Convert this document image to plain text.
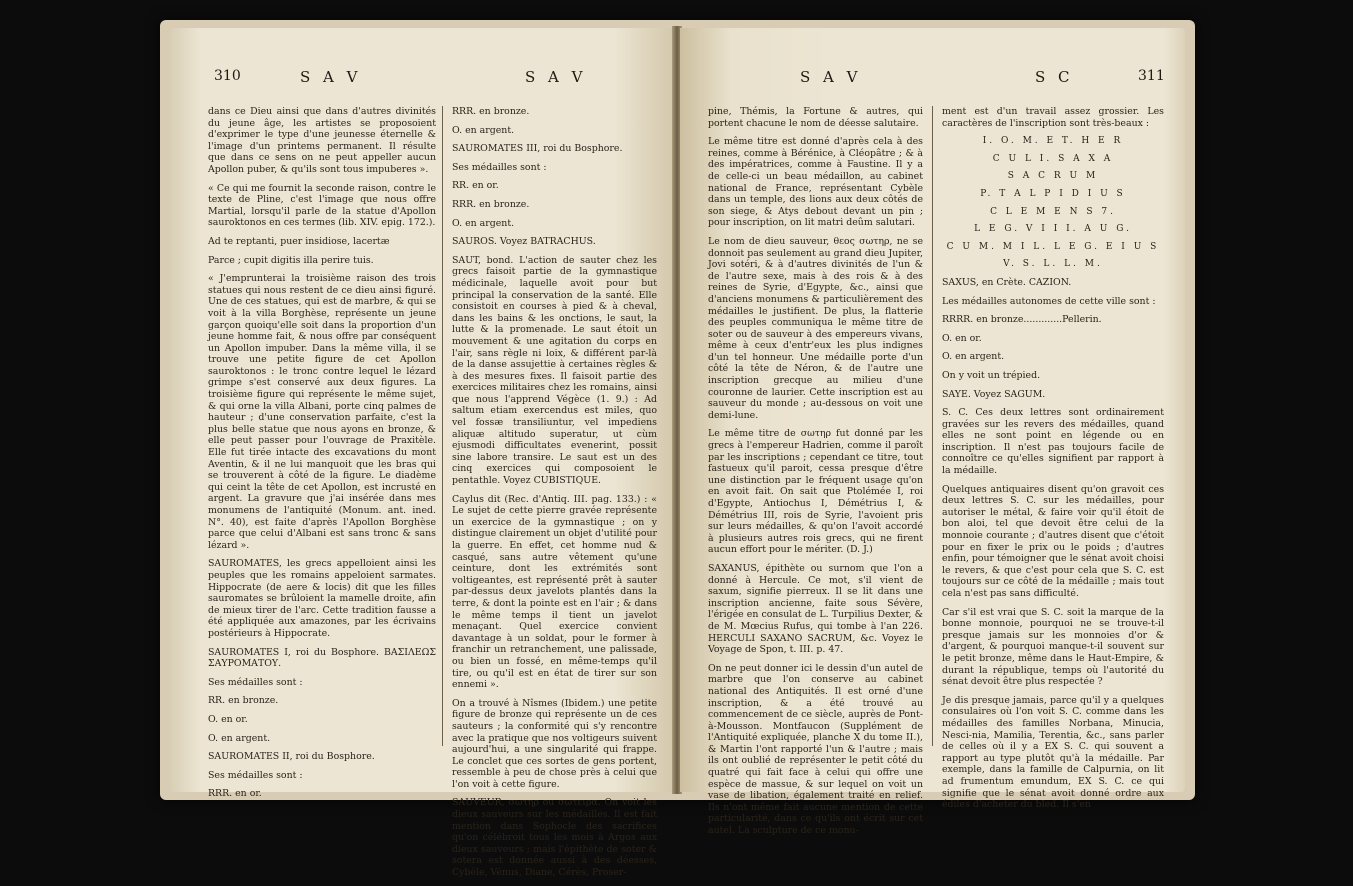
310	S A V	S A V

dans ce Dieu ainsi que dans d'autres divinités du jeune âge, les artistes se proposoient d'exprimer le type d'une jeunesse éternelle & l'image d'un printems permanent. Il résulte que dans ce sens on ne peut appeller aucun Apollon puber, & qu'ils sont tous impuberes ».

« Ce qui me fournit la seconde raison, contre le texte de Pline, c'est l'image que nous offre Martial, lorsqu'il parle de la statue d'Apollon sauroktonos en ces termes (lib. XIV. epig. 172.).

Ad te reptanti, puer insidiose, lacertæ

Parce ; cupit digitis illa perire tuis.

« J'emprunterai la troisième raison des trois statues qui nous restent de ce dieu ainsi figuré. Une de ces statues, qui est de marbre, & qui se voit à la villa Borghèse, représente un jeune garçon quoiqu'elle soit dans la proportion d'un jeune homme fait, & nous offre par conséquent un Apollon impuber. Dans la même villa, il se trouve une petite figure de cet Apollon sauroktonos : le tronc contre lequel le lézard grimpe s'est conservé aux deux figures. La troisième figure qui représente le même sujet, & qui orne la villa Albani, porte cinq palmes de hauteur ; d'une conservation parfaite, c'est la plus belle statue que nous ayons en bronze, & elle peut passer pour l'ouvrage de Praxitèle. Elle fut tirée intacte des excavations du mont Aventin, & il ne lui manquoit que les bras qui se trouverent à côté de la figure. Le diadème qui ceint la tête de cet Apollon, est incrusté en argent. La gravure que j'ai insérée dans mes monumens de l'antiquité (Monum. ant. ined. N°. 40), est faite d'après l'Apollon Borghèse parce que celui d'Albani est sans tronc & sans lézard ».

SAUROMATES, les grecs appelloient ainsi les peuples que les romains appeloient sarmates. Hippocrate (de aere & locis) dit que les filles sauromates se brûloient la mamelle droite, afin de mieux tirer de l'arc. Cette tradition fausse a été appliquée aux amazones, par les écrivains postérieurs à Hippocrate.

SAUROMATES I, roi du Bosphore. ΒΑΣΙΛΕΩΣ ΣΑΥΡΟΜΑΤΟΥ.

Ses médailles sont :

RR. en bronze.

O. en or.

O. en argent.

SAUROMATES II, roi du Bosphore.

Ses médailles sont :

RRR. en or.

RRR. en bronze.

O. en argent.

SAUROMATES III, roi du Bosphore.

Ses médailles sont :

RR. en or.

RRR. en bronze.

O. en argent.

SAUROS. Voyez BATRACHUS.

SAUT, bond. L'action de sauter chez les grecs faisoit partie de la gymnastique médicinale, laquelle avoit pour but principal la conservation de la santé. Elle consistoit en courses à pied & à cheval, dans les bains & les onctions, le saut, la lutte & la promenade. Le saut étoit un mouvement & une agitation du corps en l'air, sans règle ni loix, & différent par-là de la danse assujettie à certaines règles & à des mesures fixes. Il faisoit partie des exercices militaires chez les romains, ainsi que nous l'apprend Végèce (1. 9.) : Ad saltum etiam exercendus est miles, quo vel fossæ transiliuntur, vel impediens aliquæ altitudo superatur, ut cùm ejusmodi difficultates evenerint, possit sine labore transire. Le saut est un des cinq exercices qui composoient le pentathle. Voyez CUBISTIQUE.

Caylus dit (Rec. d'Antiq. III. pag. 133.) : « Le sujet de cette pierre gravée représente un exercice de la gymnastique ; on y distingue clairement un objet d'utilité pour la guerre. En effet, cet homme nud & casqué, sans autre vêtement qu'une ceinture, dont les extrémités sont voltigeantes, est représenté prêt à sauter par-dessus deux javelots plantés dans la terre, & dont la pointe est en l'air ; & dans le même temps il tient un javelot menaçant. Quel exercice convient davantage à un soldat, pour le former à franchir un retranchement, une palissade, ou bien un fossé, en même-temps qu'il tire, ou qu'il est en état de tirer sur son ennemi ».

On a trouvé à Nîsmes (Ibidem.) une petite figure de bronze qui représente un de ces sauteurs ; la conformité qui s'y rencontre avec la pratique que nos voltigeurs suivent aujourd'hui, a une singularité qui frappe. Le conclet que ces sortes de gens portent, ressemble à peu de chose près à celui que l'on voit à cette figure.

SAUVEUR, σωτηρ ou σωτειρα. On voit les dieux sauveurs sur les médailles. Il est fait mention dans Sophocle des sacrifices qu'on célébroit tous les mois à Argos aux dieux sauveurs ; mais l'épithète de soter & sotera est donnée aussi à des déesses, Cybèle, Vénus, Diane, Cérès, Proser-

S A V	S C	311

pine, Thémis, la Fortune & autres, qui portent chacune le nom de déesse salutaire.

Le même titre est donné d'après cela à des reines, comme à Bérénice, à Cléopâtre ; & à des impératrices, comme à Faustine. Il y a de celle-ci un beau médaillon, au cabinet national de France, représentant Cybèle dans un temple, des lions aux deux côtés de son siege, & Atys debout devant un pin ; pour inscription, on lit matri deûm salutari.

Le nom de dieu sauveur, θεος σωτηρ, ne se donnoit pas seulement au grand dieu Jupiter, Jovi sotéri, & à d'autres divinités de l'un & de l'autre sexe, mais à des rois & à des reines de Syrie, d'Egypte, &c., ainsi que d'anciens monumens & particulièrement des médailles le justifient. De plus, la flatterie des peuples communiqua le même titre de soter ou de sauveur à des empereurs vivans, même à ceux d'entr'eux les plus indignes d'un tel honneur. Une médaille porte d'un côté la tête de Néron, & de l'autre une inscription grecque au milieu d'une couronne de laurier. Cette inscription est au sauveur du monde ; au-dessous on voit une demi-lune.

Le même titre de σωτηρ fut donné par les grecs à l'empereur Hadrien, comme il paroît par les inscriptions ; cependant ce titre, tout fastueux qu'il paroit, cessa presque d'être une distinction par le fréquent usage qu'on en avoit fait. On sait que Ptolémée I, roi d'Egypte, Antiochus I, Démétrius I, & Démétrius III, rois de Syrie, l'avoient pris sur leurs médailles, & qu'on l'avoit accordé à plusieurs autres rois grecs, qui ne firent aucun effort pour le mériter. (D. J.)

SAXANUS, épithète ou surnom que l'on a donné à Hercule. Ce mot, s'il vient de saxum, signifie pierreux. Il se lit dans une inscription ancienne, faite sous Sévère, l'érigée en consulat de L. Turpilius Dexter, & de M. Mœcius Rufus, qui tombe à l'an 226. HERCULI SAXANO SACRUM, &c. Voyez le Voyage de Spon, t. III. p. 47.

On ne peut donner ici le dessin d'un autel de marbre que l'on conserve au cabinet national des Antiquités. Il est orné d'une inscription, & a été trouvé au commencement de ce siècle, auprès de Pont-à-Mousson. Montfaucon (Supplément de l'Antiquité expliquée, planche X du tome II.), & Martin l'ont rapporté l'un & l'autre ; mais ils ont oublié de représenter le petit côté du quatré qui fait face à celui qui offre une espèce de massue, & sur lequel on voit un vase de libation, également traité en relief. Ils n'ont même fait aucune mention de cette particularité, dans ce qu'ils ont écrit sur cet autel. La sculpture de ce monu-

ment est d'un travail assez grossier. Les caractères de l'inscription sont très-beaux :

I. O. M. E T. H E R
C U L I. S A X A
S A C R U M
P. T A L P I D I U S
C L E M E N S 7.
L E G. V I I I. A U G.
C U M. M I L. L E G. E I U S
V. S. L. L. M.

SAXUS, en Crète. CAZION.

Les médailles autonomes de cette ville sont :

RRRR. en bronze.............Pellerin.

O. en or.

O. en argent.

On y voit un trépied.

SAYE. Voyez SAGUM.

S. C. Ces deux lettres sont ordinairement gravées sur les revers des médailles, quand elles ne sont point en légende ou en inscription. Il n'est pas toujours facile de connoître ce qu'elles signifient par rapport à la médaille.

Quelques antiquaires disent qu'on gravoit ces deux lettres S. C. sur les médailles, pour autoriser le métal, & faire voir qu'il étoit de bon aloi, tel que devoit être celui de la monnoie courante ; d'autres disent que c'étoit pour en fixer le prix ou le poids ; d'autres enfin, pour témoigner que le sénat avoit choisi le revers, & que c'est pour cela que S. C. est toujours sur ce côté de la médaille ; mais tout cela n'est pas sans difficulté.

Car s'il est vrai que S. C. soit la marque de la bonne monnoie, pourquoi ne se trouve-t-il presque jamais sur les monnoies d'or & d'argent, & pourquoi manque-t-il souvent sur le petit bronze, même dans le Haut-Empire, & durant la république, temps où l'autorité du sénat devoit être plus respectée ?

Je dis presque jamais, parce qu'il y a quelques consulaires où l'on voit S. C. comme dans les médailles des familles Norbana, Minucia, Nesci-nia, Mamilia, Terentia, &c., sans parler de celles où il y a EX S. C. qui souvent a rapport au type plutôt qu'à la médaille. Par exemple, dans la famille de Calpurnia, on lit ad frumentum emundum, EX S. C. ce qui signifie que le sénat avoit donné ordre aux édiles d'acheter du bled. Il s'en
